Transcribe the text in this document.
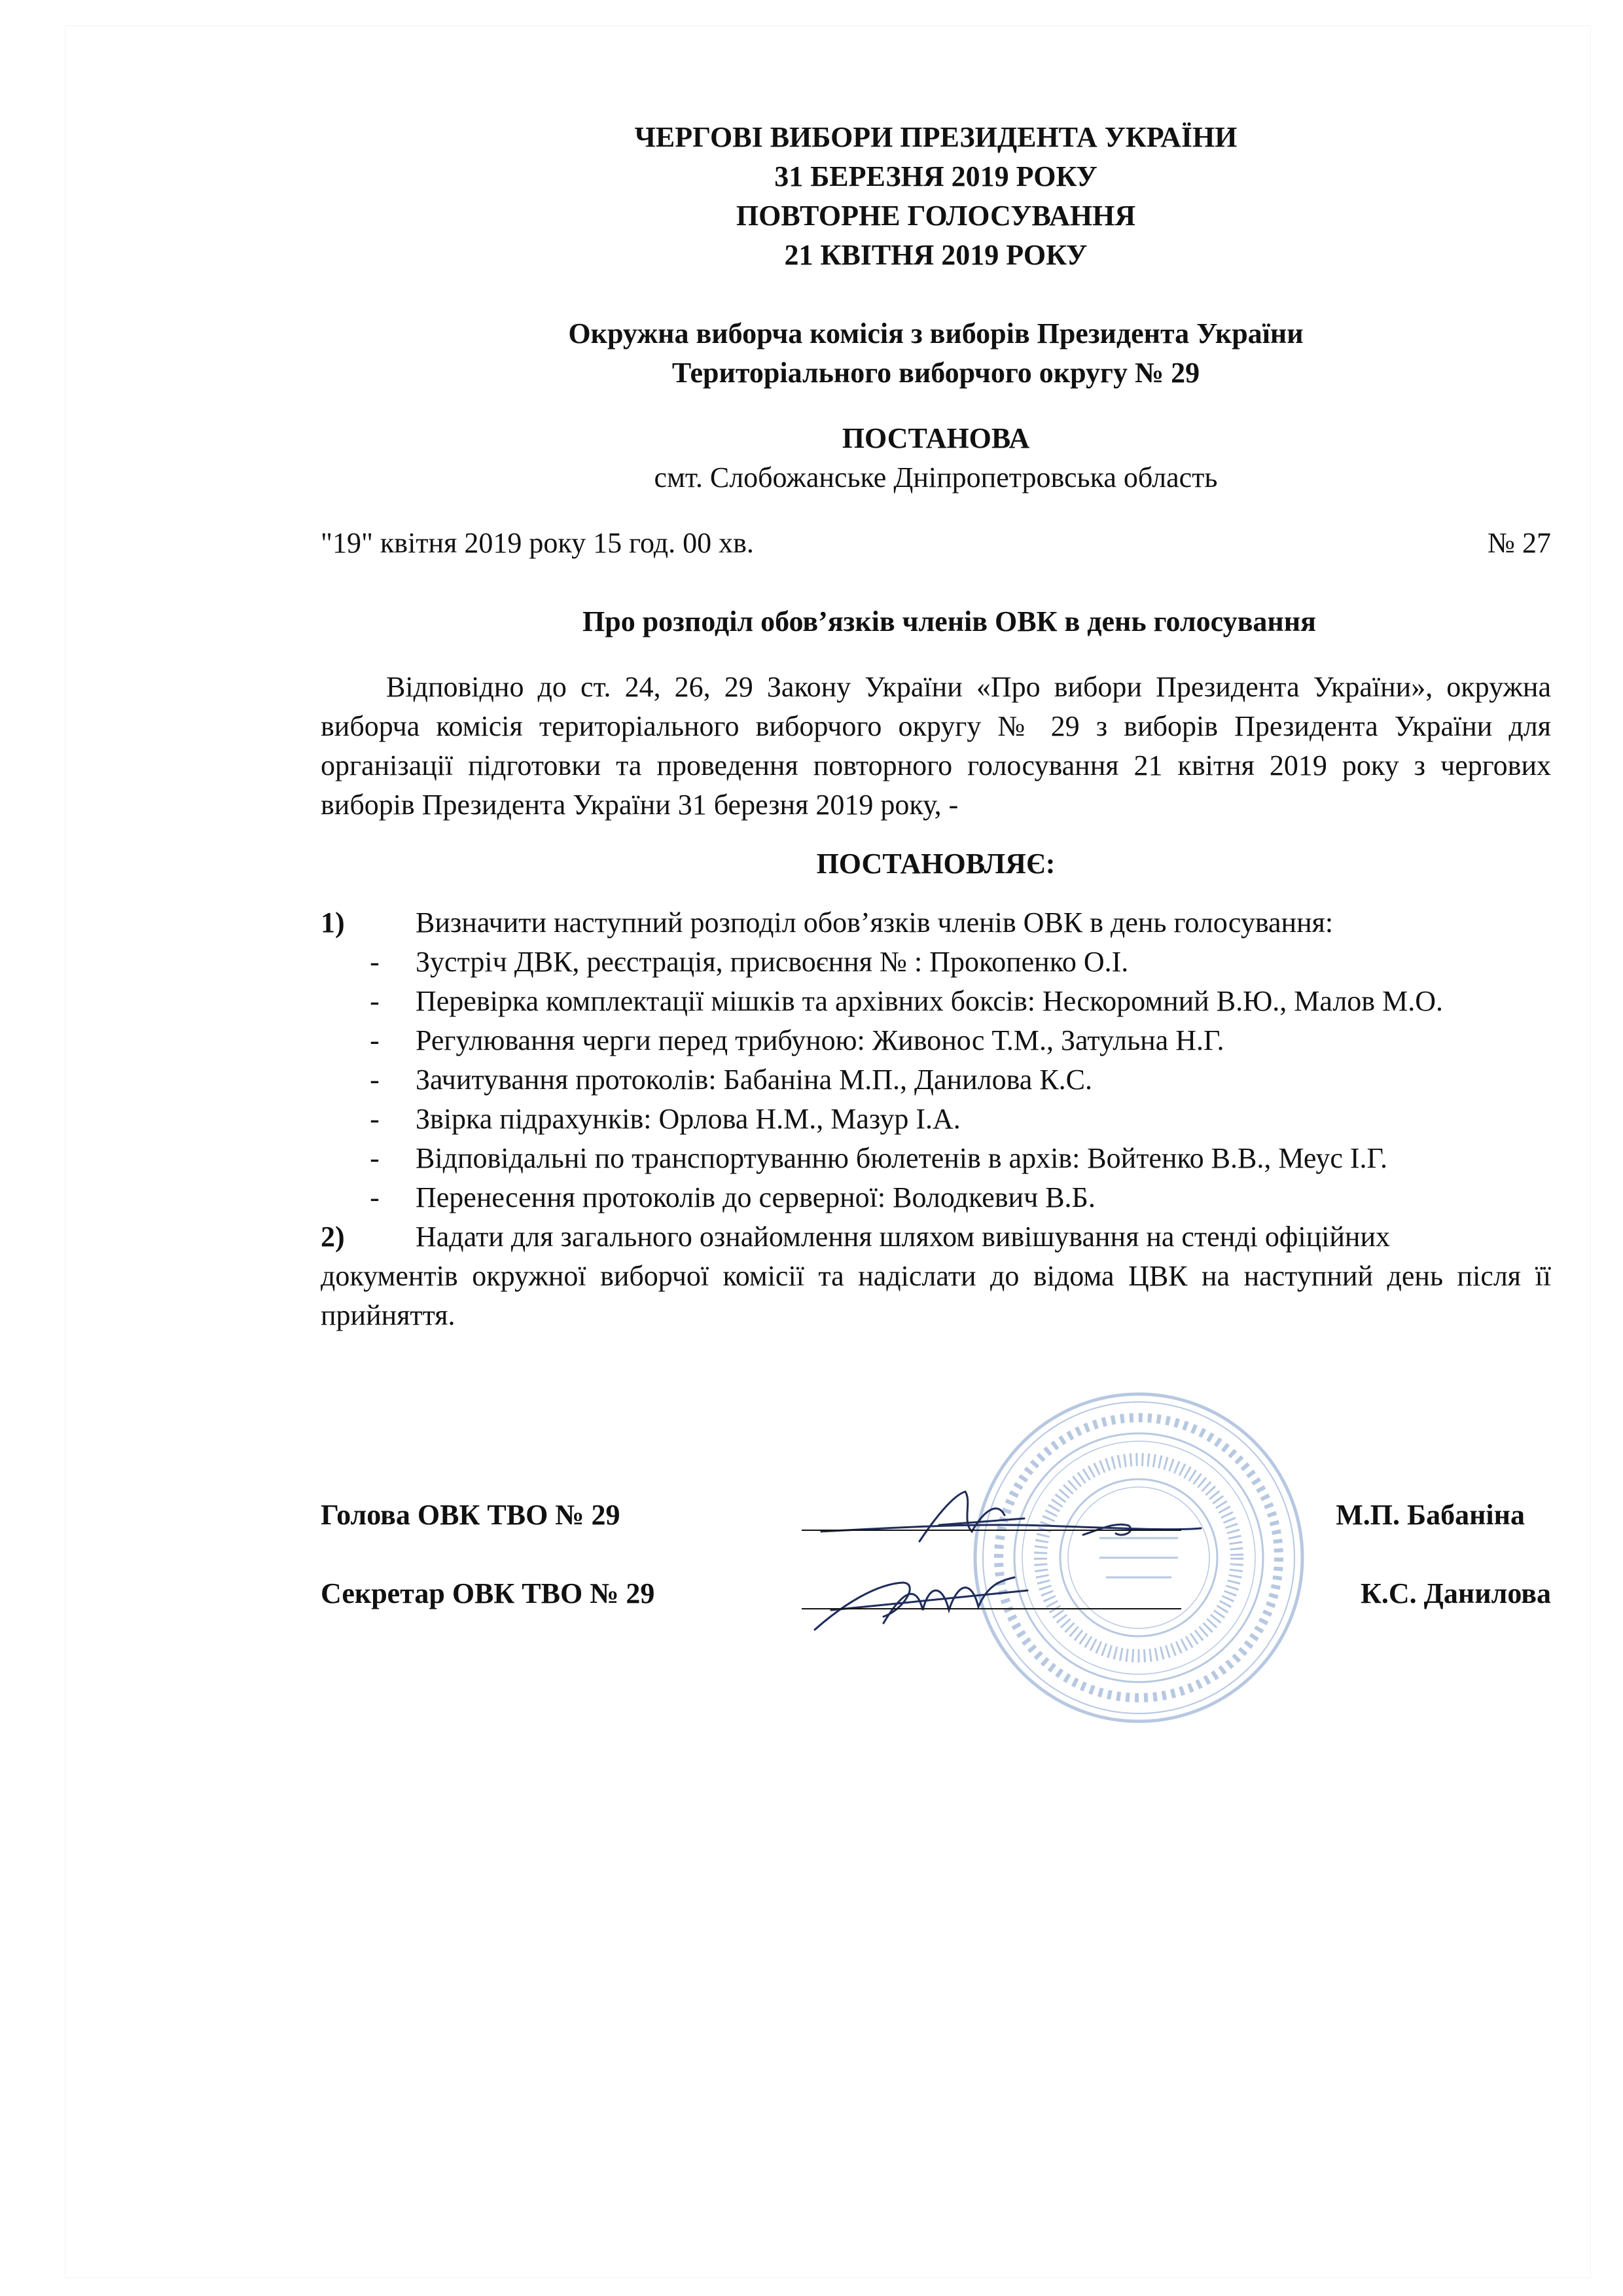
ЧЕРГОВІ ВИБОРИ ПРЕЗИДЕНТА УКРАЇНИ
31 БЕРЕЗНЯ 2019 РОКУ
ПОВТОРНЕ ГОЛОСУВАННЯ
21 КВІТНЯ 2019 РОКУ
Окружна виборча комісія з виборів Президента України
Територіального виборчого округу № 29
ПОСТАНОВА
смт. Слобожанське Дніпропетровська область
"19" квітня 2019 року 15 год. 00 хв.	№ 27
Про розподіл обов’язків членів ОВК в день голосування

Відповідно до ст. 24, 26, 29 Закону України «Про вибори Президента України», окружна виборча комісія територіального виборчого округу № 29 з виборів Президента України для організації підготовки та проведення повторного голосування 21 квітня 2019 року з чергових виборів Президента України 31 березня 2019 року, -

ПОСТАНОВЛЯЄ:
1)	Визначити наступний розподіл обов’язків членів ОВК в день голосування:
-	Зустріч ДВК, реєстрація, присвоєння № : Прокопенко О.І.
-	Перевірка комплектації мішків та архівних боксів: Нескоромний В.Ю., Малов М.О.
-	Регулювання черги перед трибуною: Живонос Т.М., Затульна Н.Г.
-	Зачитування протоколів: Бабаніна М.П., Данилова К.С.
-	Звірка підрахунків: Орлова Н.М., Мазур І.А.
-	Відповідальні по транспортуванню бюлетенів в архів: Войтенко В.В., Меус І.Г.
-	Перенесення протоколів до серверної: Володкевич В.Б.
2)	Надати для загального ознайомлення шляхом вивішування на стенді офіційних

документів окружної виборчої комісії та надіслати до відома ЦВК на наступний день після її прийняття.

Голова ОВК ТВО № 29	М.П. Бабаніна
Секретар ОВК ТВО № 29	К.С. Данилова
